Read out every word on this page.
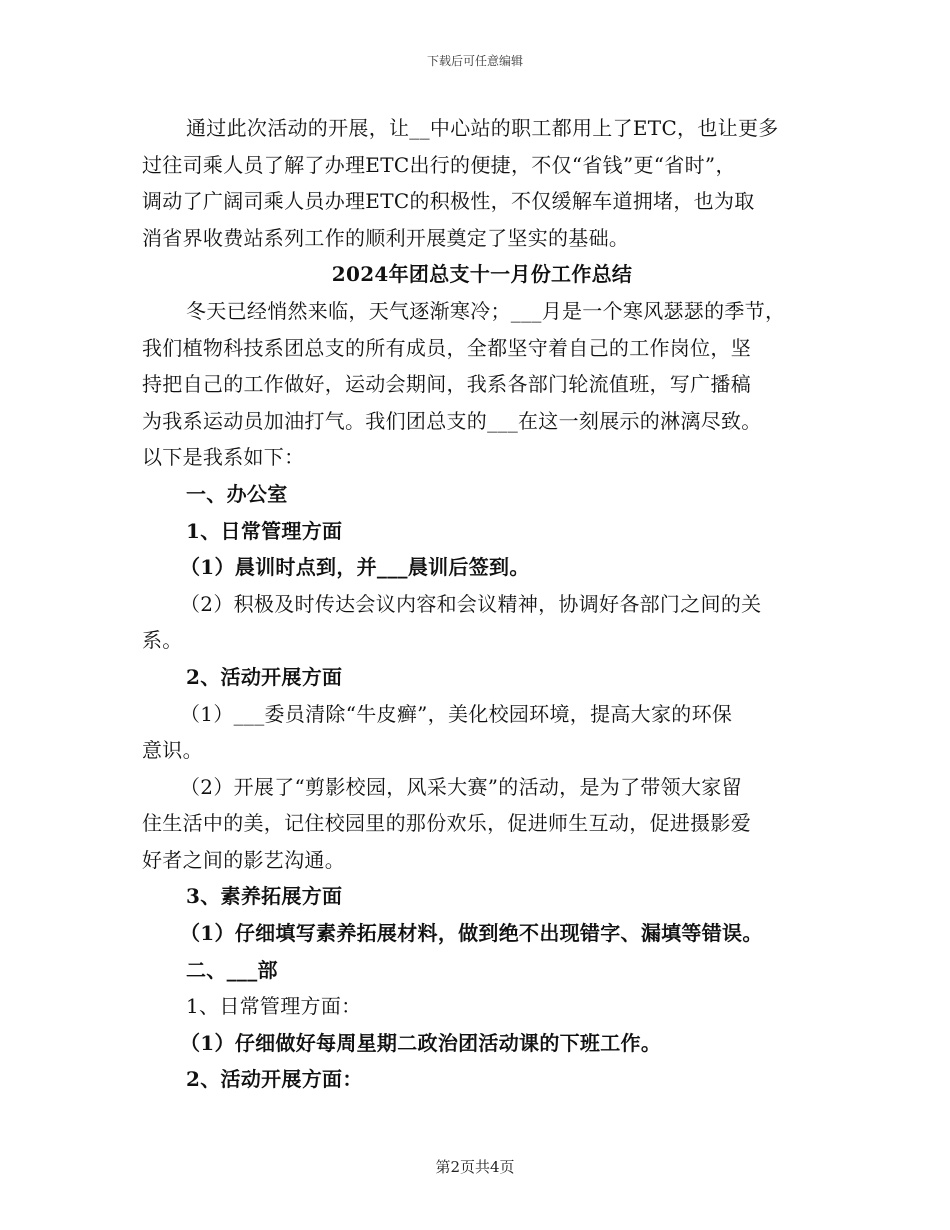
下载后可任意编辑
通过此次活动的开展，让__中心站的职工都用上了ETC，也让更多
过往司乘人员了解了办理ETC出行的便捷，不仅“省钱”更“省时”，
调动了广阔司乘人员办理ETC的积极性，不仅缓解车道拥堵，也为取
消省界收费站系列工作的顺利开展奠定了坚实的基础。
2024年团总支十一月份工作总结
冬天已经悄然来临，天气逐渐寒冷；___月是一个寒风瑟瑟的季节，
我们植物科技系团总支的所有成员，全都坚守着自己的工作岗位，坚
持把自己的工作做好，运动会期间，我系各部门轮流值班，写广播稿
为我系运动员加油打气。我们团总支的___在这一刻展示的淋漓尽致。
以下是我系如下：
一、办公室
1、日常管理方面
（1）晨训时点到，并___晨训后签到。
（2）积极及时传达会议内容和会议精神，协调好各部门之间的关
系。
2、活动开展方面
（1）___委员清除“牛皮癣”，美化校园环境，提高大家的环保
意识。
（2）开展了“剪影校园，风采大赛”的活动，是为了带领大家留
住生活中的美，记住校园里的那份欢乐，促进师生互动，促进摄影爱
好者之间的影艺沟通。
3、素养拓展方面
（1）仔细填写素养拓展材料，做到绝不出现错字、漏填等错误。
二、___部
1、日常管理方面：
（1）仔细做好每周星期二政治团活动课的下班工作。
2、活动开展方面：
第2页共4页
